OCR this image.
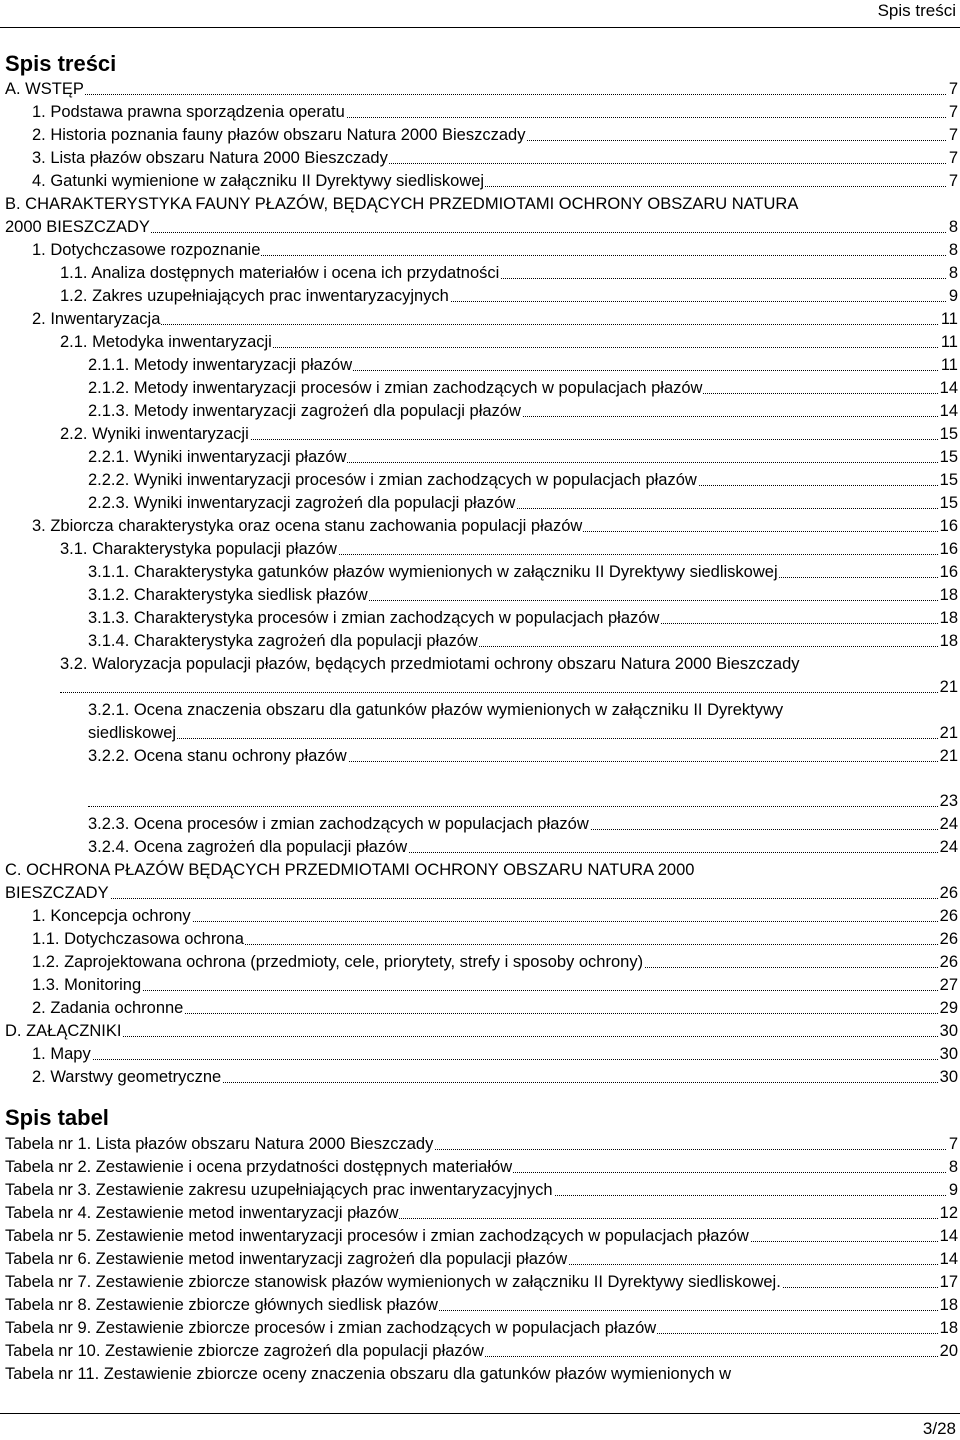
Spis treści
Spis treści
A. WSTĘP	7
1. Podstawa prawna sporządzenia operatu	7
2. Historia poznania fauny płazów obszaru Natura 2000 Bieszczady	7
3. Lista płazów obszaru Natura 2000 Bieszczady	7
4. Gatunki wymienione w załączniku II Dyrektywy siedliskowej	7
B. CHARAKTERYSTYKA FAUNY PŁAZÓW, BĘDĄCYCH PRZEDMIOTAMI OCHRONY OBSZARU NATURA
2000 BIESZCZADY	8
1. Dotychczasowe rozpoznanie	8
1.1. Analiza dostępnych materiałów i ocena ich przydatności	8
1.2. Zakres uzupełniających prac inwentaryzacyjnych	9
2. Inwentaryzacja	11
2.1. Metodyka inwentaryzacji	11
2.1.1. Metody inwentaryzacji płazów	11
2.1.2. Metody inwentaryzacji procesów i zmian zachodzących w populacjach płazów	14
2.1.3. Metody inwentaryzacji zagrożeń dla populacji płazów	14
2.2. Wyniki inwentaryzacji	15
2.2.1. Wyniki inwentaryzacji płazów	15
2.2.2. Wyniki inwentaryzacji procesów i zmian zachodzących w populacjach płazów	15
2.2.3. Wyniki inwentaryzacji zagrożeń dla populacji płazów	15
3. Zbiorcza charakterystyka oraz ocena stanu zachowania populacji płazów	16
3.1. Charakterystyka populacji płazów	16
3.1.1. Charakterystyka gatunków płazów wymienionych w załączniku II Dyrektywy siedliskowej	16
3.1.2. Charakterystyka siedlisk płazów	18
3.1.3. Charakterystyka procesów i zmian zachodzących w populacjach płazów	18
3.1.4. Charakterystyka zagrożeń dla populacji płazów	18
3.2. Waloryzacja populacji płazów, będących przedmiotami ochrony obszaru Natura 2000 Bieszczady
21
3.2.1. Ocena znaczenia obszaru dla gatunków płazów wymienionych w załączniku II Dyrektywy
siedliskowej	21
3.2.2. Ocena stanu ochrony płazów	21
23
3.2.3. Ocena procesów i zmian zachodzących w populacjach płazów	24
3.2.4. Ocena zagrożeń dla populacji płazów	24
C. OCHRONA PŁAZÓW BĘDĄCYCH PRZEDMIOTAMI OCHRONY OBSZARU NATURA 2000
BIESZCZADY	26
1. Koncepcja ochrony	26
1.1. Dotychczasowa ochrona	26
1.2. Zaprojektowana ochrona (przedmioty, cele, priorytety, strefy i sposoby ochrony)	26
1.3. Monitoring	27
2. Zadania ochronne	29
D. ZAŁĄCZNIKI	30
1. Mapy	30
2. Warstwy geometryczne	30
Spis tabel
Tabela nr 1. Lista płazów obszaru Natura 2000 Bieszczady	7
Tabela nr 2. Zestawienie i ocena przydatności dostępnych materiałów	8
Tabela nr 3. Zestawienie zakresu uzupełniających prac inwentaryzacyjnych	9
Tabela nr 4. Zestawienie metod inwentaryzacji płazów	12
Tabela nr 5. Zestawienie metod inwentaryzacji procesów i zmian zachodzących w populacjach płazów	14
Tabela nr 6. Zestawienie metod inwentaryzacji zagrożeń dla populacji płazów	14
Tabela nr 7. Zestawienie zbiorcze stanowisk płazów wymienionych w załączniku II Dyrektywy siedliskowej.	17
Tabela nr 8. Zestawienie zbiorcze głównych siedlisk płazów	18
Tabela nr 9. Zestawienie zbiorcze procesów i zmian zachodzących w populacjach płazów	18
Tabela nr 10. Zestawienie zbiorcze zagrożeń dla populacji płazów	20
Tabela nr 11. Zestawienie zbiorcze oceny znaczenia obszaru dla gatunków płazów wymienionych w
3/28
